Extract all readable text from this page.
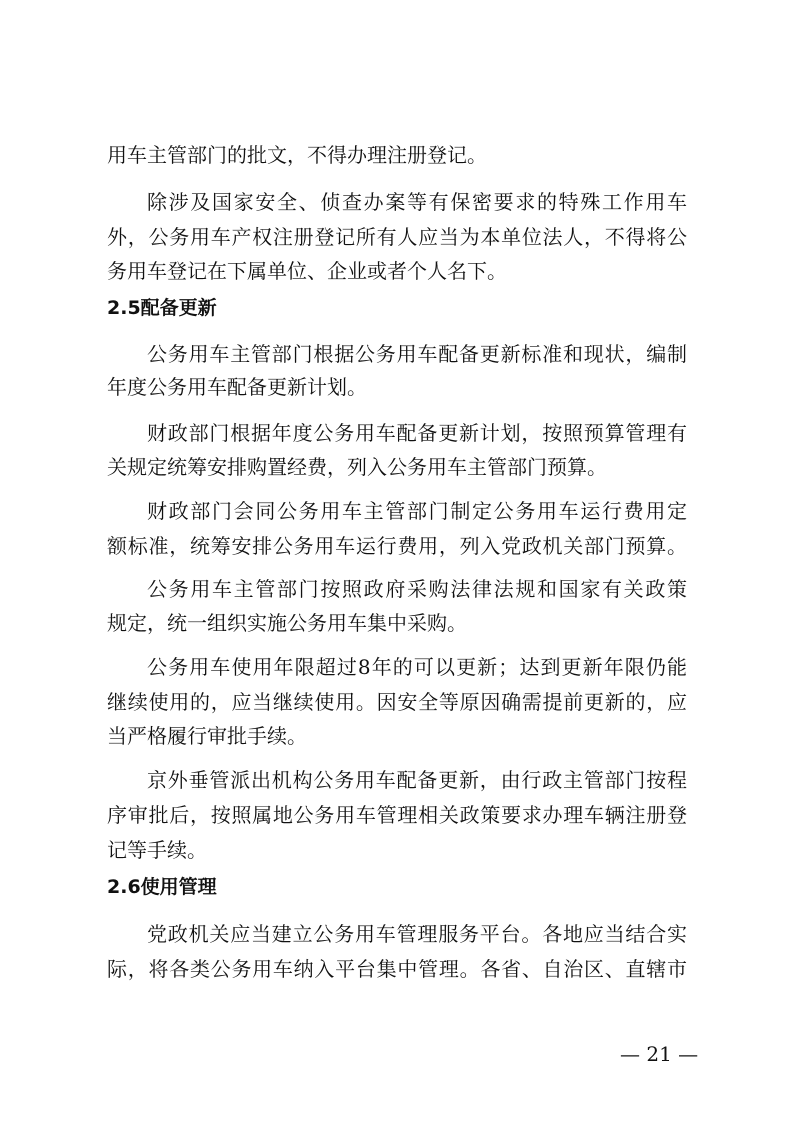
用车主管部门的批文，不得办理注册登记。
除涉及国家安全、侦查办案等有保密要求的特殊工作用车
外，公务用车产权注册登记所有人应当为本单位法人，不得将公
务用车登记在下属单位、企业或者个人名下。
2.5配备更新
公务用车主管部门根据公务用车配备更新标准和现状，编制
年度公务用车配备更新计划。
财政部门根据年度公务用车配备更新计划，按照预算管理有
关规定统筹安排购置经费，列入公务用车主管部门预算。
财政部门会同公务用车主管部门制定公务用车运行费用定
额标准，统筹安排公务用车运行费用，列入党政机关部门预算。
公务用车主管部门按照政府采购法律法规和国家有关政策
规定，统一组织实施公务用车集中采购。
公务用车使用年限超过8年的可以更新；达到更新年限仍能
继续使用的，应当继续使用。因安全等原因确需提前更新的，应
当严格履行审批手续。
京外垂管派出机构公务用车配备更新，由行政主管部门按程
序审批后，按照属地公务用车管理相关政策要求办理车辆注册登
记等手续。
2.6使用管理
党政机关应当建立公务用车管理服务平台。各地应当结合实
际，将各类公务用车纳入平台集中管理。各省、自治区、直辖市
— 21 —
